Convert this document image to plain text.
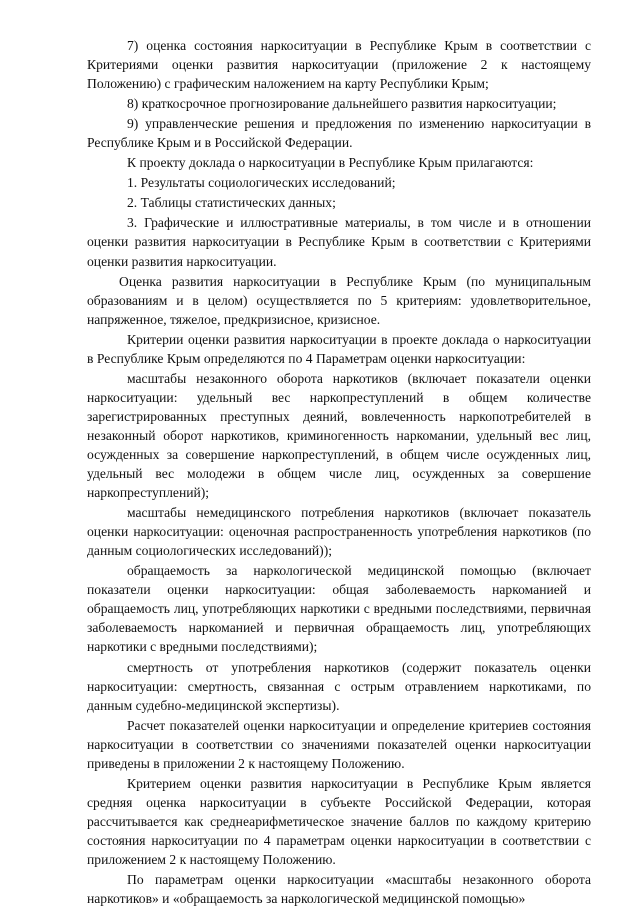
7) оценка состояния наркоситуации в Республике Крым в соответствии с Критериями оценки развития наркоситуации (приложение 2 к настоящему Положению) с графическим наложением на карту Республики Крым;

8) краткосрочное прогнозирование дальнейшего развития наркоситуации;

9) управленческие решения и предложения по изменению наркоситуации в Республике Крым и в Российской Федерации.

К проекту доклада о наркоситуации в Республике Крым прилагаются:

1. Результаты социологических исследований;

2. Таблицы статистических данных;

3. Графические и иллюстративные материалы, в том числе и в отношении оценки развития наркоситуации в Республике Крым в соответствии с Критериями оценки развития наркоситуации.

Оценка развития наркоситуации в Республике Крым (по муниципальным образованиям и в целом) осуществляется по 5 критериям: удовлетворительное, напряженное, тяжелое, предкризисное, кризисное.

Критерии оценки развития наркоситуации в проекте доклада о наркоситуации в Республике Крым определяются по 4 Параметрам оценки наркоситуации:

масштабы незаконного оборота наркотиков (включает показатели оценки наркоситуации: удельный вес наркопреступлений в общем количестве зарегистрированных преступных деяний, вовлеченность наркопотребителей в незаконный оборот наркотиков, криминогенность наркомании, удельный вес лиц, осужденных за совершение наркопреступлений, в общем числе осужденных лиц, удельный вес молодежи в общем числе лиц, осужденных за совершение наркопреступлений);

масштабы немедицинского потребления наркотиков (включает показатель оценки наркоситуации: оценочная распространенность употребления наркотиков (по данным социологических исследований));

обращаемость за наркологической медицинской помощью (включает показатели оценки наркоситуации: общая заболеваемость наркоманией и обращаемость лиц, употребляющих наркотики с вредными последствиями, первичная заболеваемость наркоманией и первичная обращаемость лиц, употребляющих наркотики с вредными последствиями);

смертность от употребления наркотиков (содержит показатель оценки наркоситуации: смертность, связанная с острым отравлением наркотиками, по данным судебно-медицинской экспертизы).

Расчет показателей оценки наркоситуации и определение критериев состояния наркоситуации в соответствии со значениями показателей оценки наркоситуации приведены в приложении 2 к настоящему Положению.

Критерием оценки развития наркоситуации в Республике Крым является средняя оценка наркоситуации в субъекте Российской Федерации, которая рассчитывается как среднеарифметическое значение баллов по каждому критерию состояния наркоситуации по 4 параметрам оценки наркоситуации в соответствии с приложением 2 к настоящему Положению.

По параметрам оценки наркоситуации «масштабы незаконного оборота наркотиков» и «обращаемость за наркологической медицинской помощью»
